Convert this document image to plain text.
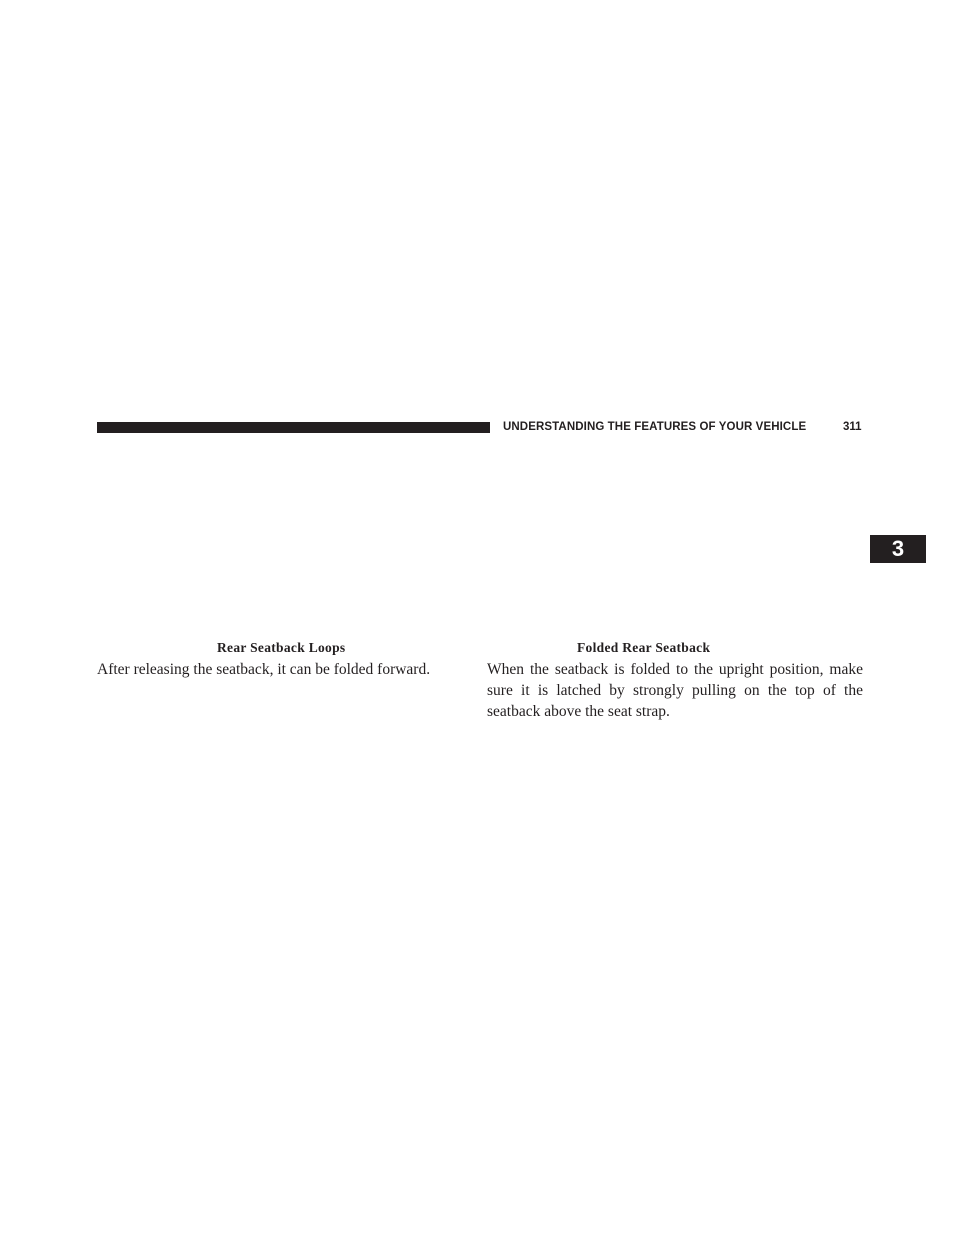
UNDERSTANDING THE FEATURES OF YOUR VEHICLE	311
3
Rear Seatback Loops
After releasing the seatback, it can be folded forward.
Folded Rear Seatback
When the seatback is folded to the upright position, make sure it is latched by strongly pulling on the top of the seatback above the seat strap.
